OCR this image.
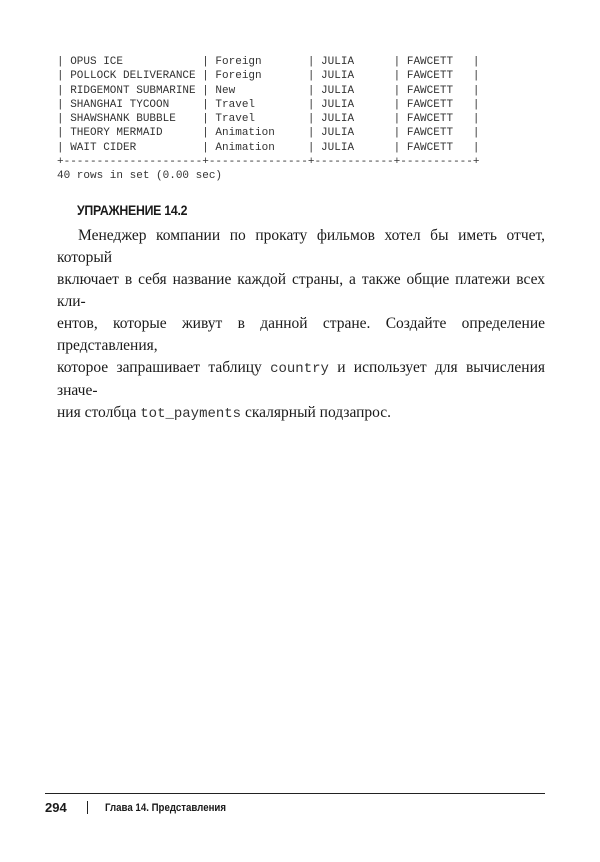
| OPUS ICE            | Foreign       | JULIA      | FAWCETT   |
| POLLOCK DELIVERANCE | Foreign       | JULIA      | FAWCETT   |
| RIDGEMONT SUBMARINE | New           | JULIA      | FAWCETT   |
| SHANGHAI TYCOON     | Travel        | JULIA      | FAWCETT   |
| SHAWSHANK BUBBLE    | Travel        | JULIA      | FAWCETT   |
| THEORY MERMAID      | Animation     | JULIA      | FAWCETT   |
| WAIT CIDER          | Animation     | JULIA      | FAWCETT   |
+---------------------+---------------+------------+-----------+
40 rows in set (0.00 sec)
УПРАЖНЕНИЕ 14.2
Менеджер компании по прокату фильмов хотел бы иметь отчет, который
включает в себя название каждой страны, а также общие платежи всех кли-
ентов, которые живут в данной стране. Создайте определение представления,
которое запрашивает таблицу country и использует для вычисления значе-
ния столбца tot_payments скалярный подзапрос.
294	Глава 14. Представления
